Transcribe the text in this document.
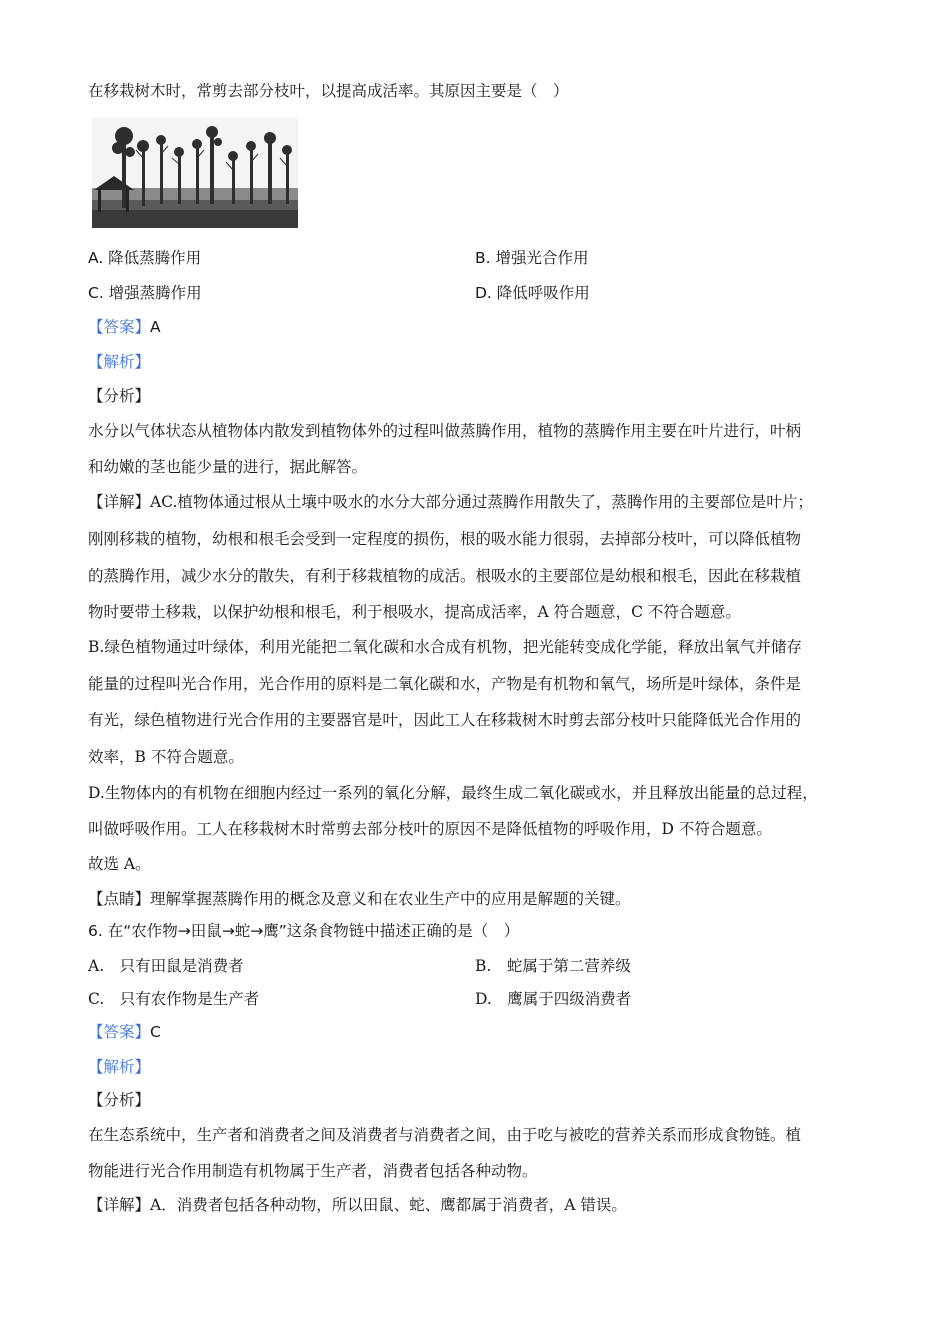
在移栽树木时，常剪去部分枝叶，以提高成活率。其原因主要是（　）
A. 降低蒸腾作用	B. 增强光合作用
C. 增强蒸腾作用	D. 降低呼吸作用
【答案】A
【解析】
【分析】
水分以气体状态从植物体内散发到植物体外的过程叫做蒸腾作用，植物的蒸腾作用主要在叶片进行，叶柄
和幼嫩的茎也能少量的进行，据此解答。
【详解】AC.植物体通过根从土壤中吸水的水分大部分通过蒸腾作用散失了，蒸腾作用的主要部位是叶片；
刚刚移栽的植物，幼根和根毛会受到一定程度的损伤，根的吸水能力很弱，去掉部分枝叶，可以降低植物
的蒸腾作用，减少水分的散失，有利于移栽植物的成活。根吸水的主要部位是幼根和根毛，因此在移栽植
物时要带土移栽，以保护幼根和根毛，利于根吸水，提高成活率，A 符合题意，C 不符合题意。
B.绿色植物通过叶绿体，利用光能把二氧化碳和水合成有机物，把光能转变成化学能，释放出氧气并储存
能量的过程叫光合作用，光合作用的原料是二氧化碳和水，产物是有机物和氧气，场所是叶绿体，条件是
有光，绿色植物进行光合作用的主要器官是叶，因此工人在移栽树木时剪去部分枝叶只能降低光合作用的
效率，B 不符合题意。
D.生物体内的有机物在细胞内经过一系列的氧化分解，最终生成二氧化碳或水，并且释放出能量的总过程，
叫做呼吸作用。工人在移栽树木时常剪去部分枝叶的原因不是降低植物的呼吸作用，D 不符合题意。
故选 A。
【点睛】理解掌握蒸腾作用的概念及意义和在农业生产中的应用是解题的关键。
6. 在“农作物→田鼠→蛇→鹰”这条食物链中描述正确的是（　）
A.　只有田鼠是消费者	B.　蛇属于第二营养级
C.　只有农作物是生产者	D.　鹰属于四级消费者
【答案】C
【解析】
【分析】
在生态系统中，生产者和消费者之间及消费者与消费者之间，由于吃与被吃的营养关系而形成食物链。植
物能进行光合作用制造有机物属于生产者，消费者包括各种动物。
【详解】A．消费者包括各种动物，所以田鼠、蛇、鹰都属于消费者，A 错误。
